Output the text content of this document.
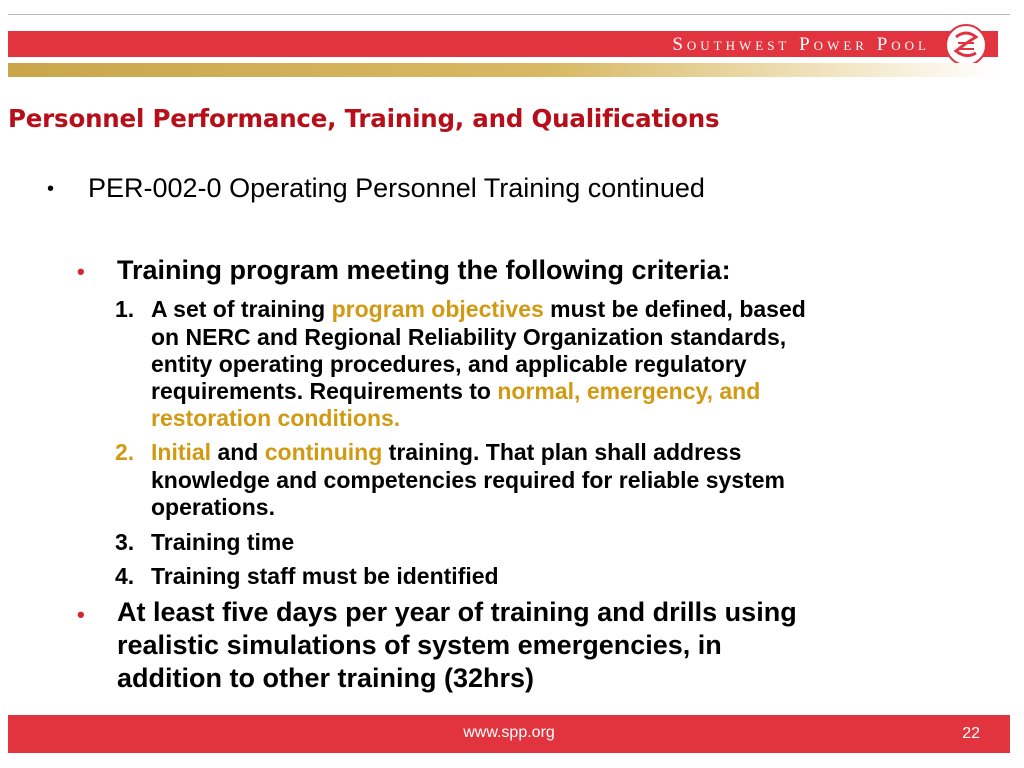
Southwest Power Pool
Personnel Performance, Training, and Qualifications
• PER-002-0 Operating Personnel Training continued
• Training program meeting the following criteria:
1. A set of training program objectives must be defined, based
on NERC and Regional Reliability Organization standards,
entity operating procedures, and applicable regulatory
requirements. Requirements to normal, emergency, and
restoration conditions.
2. Initial and continuing training. That plan shall address
knowledge and competencies required for reliable system
operations.
3. Training time
4. Training staff must be identified
• At least five days per year of training and drills using
realistic simulations of system emergencies, in
addition to other training (32hrs)
www.spp.org	22
